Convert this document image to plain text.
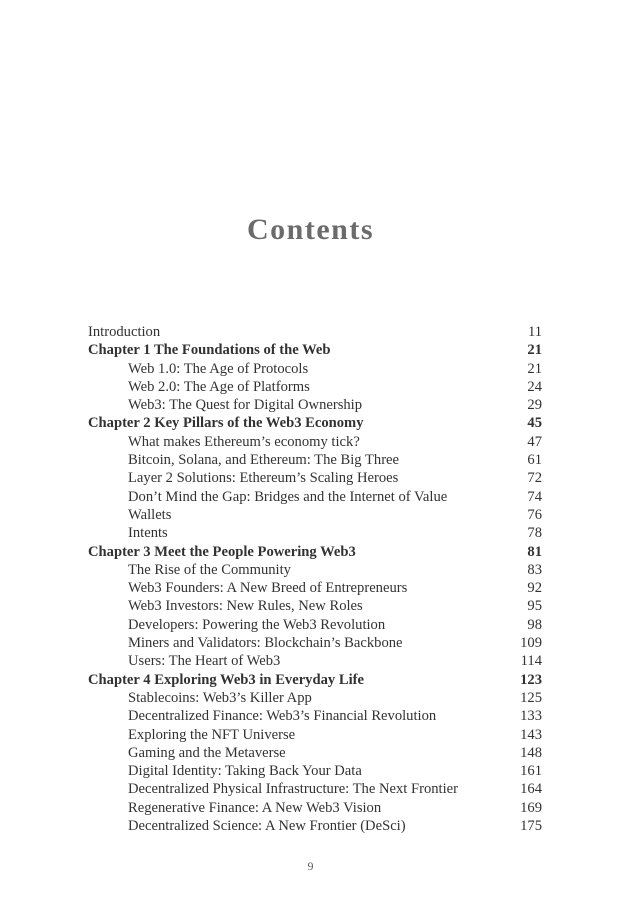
Contents
Introduction	11
Chapter 1 The Foundations of the Web	21
Web 1.0: The Age of Protocols	21
Web 2.0: The Age of Platforms	24
Web3: The Quest for Digital Ownership	29
Chapter 2 Key Pillars of the Web3 Economy	45
What makes Ethereum’s economy tick?	47
Bitcoin, Solana, and Ethereum: The Big Three	61
Layer 2 Solutions: Ethereum’s Scaling Heroes	72
Don’t Mind the Gap: Bridges and the Internet of Value	74
Wallets	76
Intents	78
Chapter 3 Meet the People Powering Web3	81
The Rise of the Community	83
Web3 Founders: A New Breed of Entrepreneurs	92
Web3 Investors: New Rules, New Roles	95
Developers: Powering the Web3 Revolution	98
Miners and Validators: Blockchain’s Backbone	109
Users: The Heart of Web3	114
Chapter 4 Exploring Web3 in Everyday Life	123
Stablecoins: Web3’s Killer App	125
Decentralized Finance: Web3’s Financial Revolution	133
Exploring the NFT Universe	143
Gaming and the Metaverse	148
Digital Identity: Taking Back Your Data	161
Decentralized Physical Infrastructure: The Next Frontier	164
Regenerative Finance: A New Web3 Vision	169
Decentralized Science: A New Frontier (DeSci)	175
9
